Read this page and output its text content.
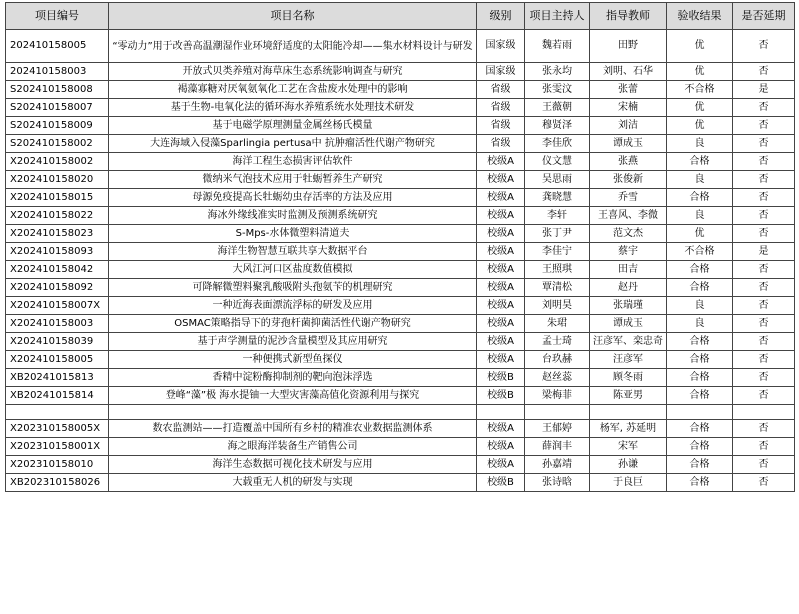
项目编号	项目名称	级别	项目主持人	指导教师	验收结果	是否延期
202410158005	“零动力”用于改善高温潮湿作业环境舒适度的太阳能冷却——集水材料设计与研发	国家级	魏若雨	田野	优	否
202410158003	开放式贝类养殖对海草床生态系统影响调查与研究	国家级	张永均	刘明、石华	优	否
S202410158008	褐藻寡糖对厌氧氨氧化工艺在含盐废水处理中的影响	省级	张雯汶	张蕾	不合格	是
S202410158007	基于生物-电氧化法的循环海水养殖系统水处理技术研发	省级	王薇朝	宋楠	优	否
S202410158009	基于电磁学原理测量金属丝杨氏模量	省级	穆贤泽	刘洁	优	否
S202410158002	大连海域入侵藻Sparlingia pertusa中 抗肿瘤活性代谢产物研究	省级	李佳欣	谭成玉	良	否
X202410158002	海洋工程生态损害评估软件	校级A	仪文慧	张燕	合格	否
X202410158020	微纳米气泡技术应用于牡蛎暂养生产研究	校级A	吴思雨	张俊新	良	否
X202410158015	母源免疫提高长牡蛎幼虫存活率的方法及应用	校级A	龚晓慧	乔雪	合格	否
X202410158022	海冰外缘线准实时监测及预测系统研究	校级A	李轩	王喜风、李微	良	否
X202410158023	S-Mps-水体微塑料清道夫	校级A	张丁尹	范文杰	优	否
X202410158093	海洋生物智慧互联共享大数据平台	校级A	李佳宁	蔡宇	不合格	是
X202410158042	大风江河口区盐度数值模拟	校级A	王照琪	田吉	合格	否
X202410158092	可降解微塑料聚乳酸吸附头孢氨苄的机理研究	校级A	覃清松	赵丹	合格	否
X202410158007X	一种近海表面漂流浮标的研发及应用	校级A	刘明昊	张瑞瑾	良	否
X202410158003	OSMAC策略指导下的芽孢杆菌抑菌活性代谢产物研究	校级A	朱珺	谭成玉	良	否
X202410158039	基于声学测量的泥沙含量模型及其应用研究	校级A	孟士琦	汪彦军、栾忠奇	合格	否
X202410158005	一种便携式新型鱼探仪	校级A	台玖赫	汪彦军	合格	否
XB20241015813	香精中淀粉酶抑制剂的靶向泡沫浮选	校级B	赵丝蕊	顾冬雨	合格	否
XB20241015814	登峰“藻”极 海水提铀一大型灾害藻高值化资源利用与探究	校级B	梁梅菲	陈亚男	合格	否

X202310158005X	数农监测站——打造覆盖中国所有乡村的精准农业数据监测体系	校级A	王郁婷	杨军, 苏延明	合格	否
X202310158001X	海之眼海洋装备生产销售公司	校级A	薛润丰	宋军	合格	否
X202310158010	海洋生态数据可视化技术研发与应用	校级A	孙嘉靖	孙谦	合格	否
XB202310158026	大载重无人机的研发与实现	校级B	张诗晗	于良巨	合格	否
